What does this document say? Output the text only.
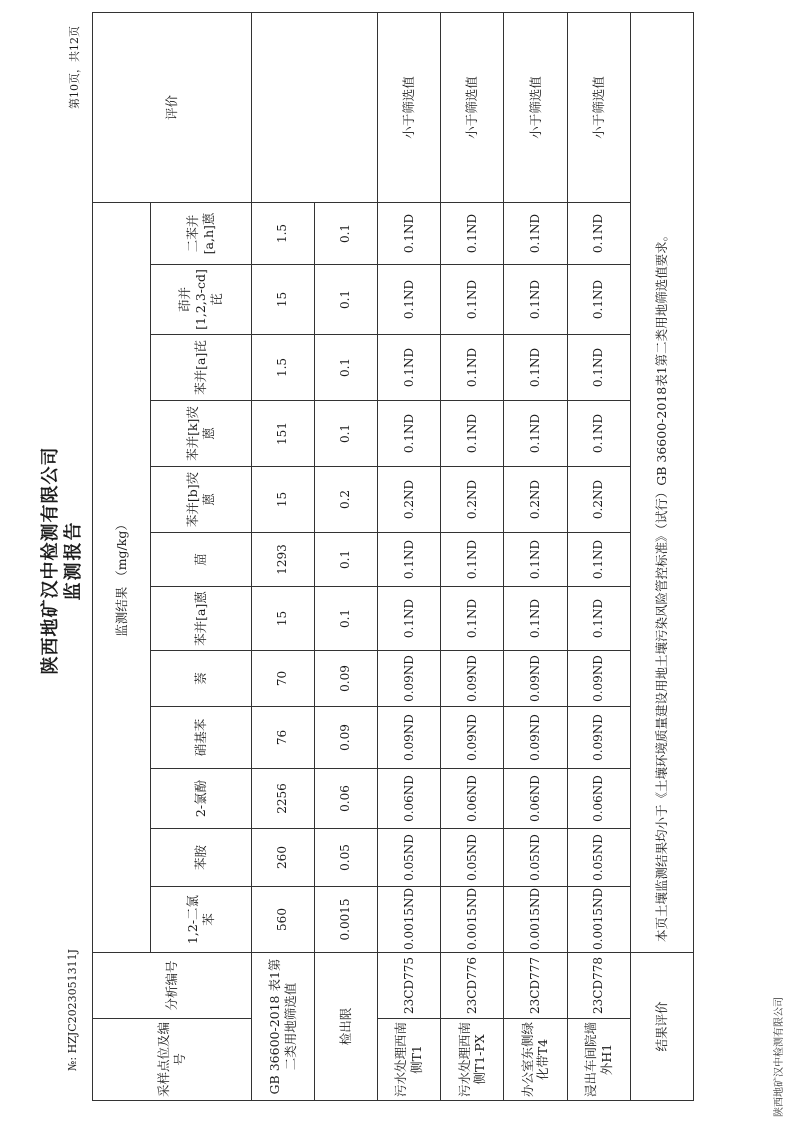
陕西地矿汉中检测有限公司 监测报告
№: HZJC2023051311J
第10页，共12页
采样点位及编号	分析编号	监测结果 （mg/kg）												评价
		1,2-二氯苯	苯胺	2-氯酚	硝基苯	萘	苯并[a]蒽	䓛	苯并[b]荧蒽	苯并[k]荧蒽	苯并[a]芘	茚并[1,2,3-cd]芘	二苯并[a,h]蒽	
GB 36600-2018 表1第二类用地筛选值		560	260	2256	76	70	15	1293	15	151	1.5	15	1.5	
检出限		0.0015	0.05	0.06	0.09	0.09	0.1	0.1	0.2	0.1	0.1	0.1	0.1	
污水处理西南侧T1	23CD775	0.0015ND	0.05ND	0.06ND	0.09ND	0.09ND	0.1ND	0.1ND	0.2ND	0.1ND	0.1ND	0.1ND	0.1ND	小于筛选值
污水处理西南侧T1-PX	23CD776	0.0015ND	0.05ND	0.06ND	0.09ND	0.09ND	0.1ND	0.1ND	0.2ND	0.1ND	0.1ND	0.1ND	0.1ND	小于筛选值
办公室东侧绿化带T4	23CD777	0.0015ND	0.05ND	0.06ND	0.09ND	0.09ND	0.1ND	0.1ND	0.2ND	0.1ND	0.1ND	0.1ND	0.1ND	小于筛选值
浸出车间院墙外H1	23CD778	0.0015ND	0.05ND	0.06ND	0.09ND	0.09ND	0.1ND	0.1ND	0.2ND	0.1ND	0.1ND	0.1ND	0.1ND	小于筛选值
结果评价		本页土壤监测结果均小于《土壤环境质量建设用地土壤污染风险管控标准》（试行）GB 36600-2018表1第二类用地筛选值要求。												
陕西地矿汉中检测有限公司
